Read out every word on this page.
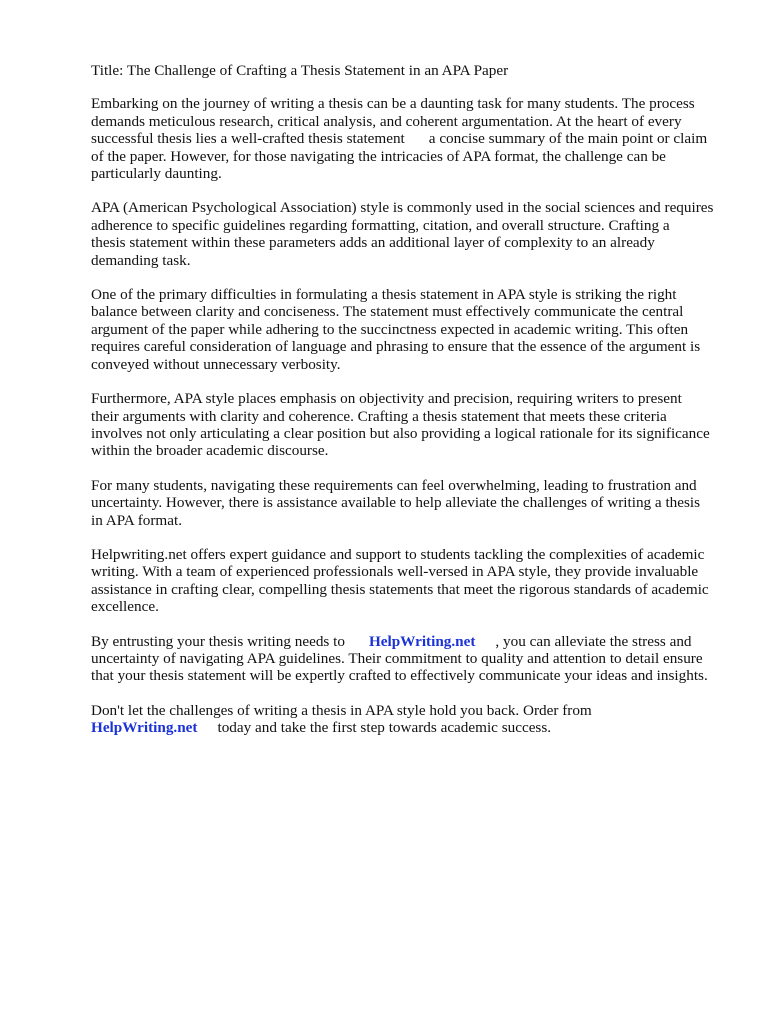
Title: The Challenge of Crafting a Thesis Statement in an APA Paper
Embarking on the journey of writing a thesis can be a daunting task for many students. The process
demands meticulous research, critical analysis, and coherent argumentation. At the heart of every
successful thesis lies a well-crafted thesis statement a concise summary of the main point or claim
of the paper. However, for those navigating the intricacies of APA format, the challenge can be
particularly daunting.
APA (American Psychological Association) style is commonly used in the social sciences and requires
adherence to specific guidelines regarding formatting, citation, and overall structure. Crafting a
thesis statement within these parameters adds an additional layer of complexity to an already
demanding task.
One of the primary difficulties in formulating a thesis statement in APA style is striking the right
balance between clarity and conciseness. The statement must effectively communicate the central
argument of the paper while adhering to the succinctness expected in academic writing. This often
requires careful consideration of language and phrasing to ensure that the essence of the argument is
conveyed without unnecessary verbosity.
Furthermore, APA style places emphasis on objectivity and precision, requiring writers to present
their arguments with clarity and coherence. Crafting a thesis statement that meets these criteria
involves not only articulating a clear position but also providing a logical rationale for its significance
within the broader academic discourse.
For many students, navigating these requirements can feel overwhelming, leading to frustration and
uncertainty. However, there is assistance available to help alleviate the challenges of writing a thesis
in APA format.
Helpwriting.net offers expert guidance and support to students tackling the complexities of academic
writing. With a team of experienced professionals well-versed in APA style, they provide invaluable
assistance in crafting clear, compelling thesis statements that meet the rigorous standards of academic
excellence.
By entrusting your thesis writing needs to HelpWriting.net , you can alleviate the stress and
uncertainty of navigating APA guidelines. Their commitment to quality and attention to detail ensure
that your thesis statement will be expertly crafted to effectively communicate your ideas and insights.
Don't let the challenges of writing a thesis in APA style hold you back. Order from
HelpWriting.net today and take the first step towards academic success.
